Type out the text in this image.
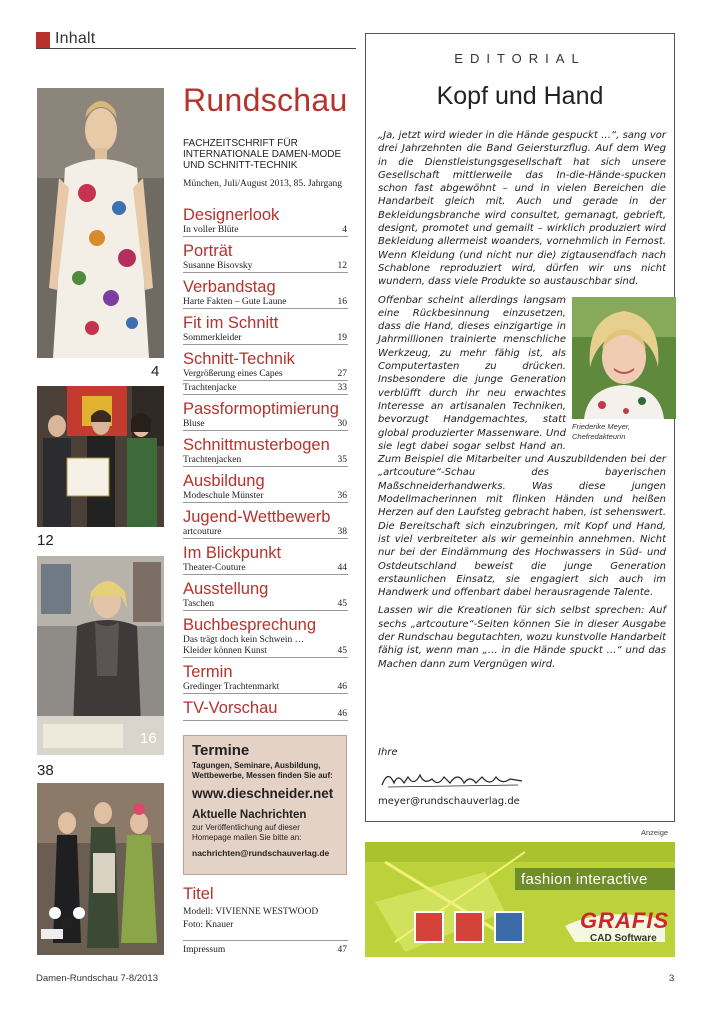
Inhalt
4
12
16
38
Rundschau
FACHZEITSCHRIFT FÜR INTERNATIONALE DAMEN-MODE UND SCHNITT-TECHNIK
München, Juli/August 2013, 85. Jahrgang
Designerlook
In voller Blüte	4
Porträt
Susanne Bisovsky	12
Verbandstag
Harte Fakten – Gute Laune	16
Fit im Schnitt
Sommerkleider	19
Schnitt-Technik
Vergrößerung eines Capes	27
Trachtenjacke	33
Passformoptimierung
Bluse	30
Schnittmusterbogen
Trachtenjacken	35
Ausbildung
Modeschule Münster	36
Jugend-Wettbewerb
artcouture	38
Im Blickpunkt
Theater-Couture	44
Ausstellung
Taschen	45
Buchbesprechung
Das trägt doch kein Schwein … Kleider können Kunst	45
Termin
Gredinger Trachtenmarkt	46
TV-Vorschau	46
Termine
Tagungen, Seminare, Ausbildung, Wettbewerbe, Messen finden Sie auf:
www.dieschneider.net
Aktuelle Nachrichten
zur Veröffentlichung auf dieser Homepage mailen Sie bitte an:
nachrichten@rundschauverlag.de
Titel
Modell: VIVIENNE WESTWOOD
Foto: Knauer
Impressum	47
EDITORIAL
Kopf und Hand
Friederike Meyer,
Chefredakteurin

„Ja, jetzt wird wieder in die Hände gespuckt …“, sang vor drei Jahrzehnten die Band Geiersturzflug. Auf dem Weg in die Dienstleistungsgesellschaft hat sich unsere Gesellschaft mittlerweile das In-die-Hände-spucken schon fast abgewöhnt – und in vielen Bereichen die Handarbeit gleich mit. Auch und gerade in der Bekleidungsbranche wird consultet, gemanagt, gebrieft, designt, promotet und gemailt – wirklich produziert wird Bekleidung allermeist woanders, vornehmlich in Fernost. Wenn Kleidung (und nicht nur die) zigtausendfach nach Schablone reproduziert wird, dürfen wir uns nicht wundern, dass viele Produkte so austauschbar sind.

Offenbar scheint allerdings langsam eine Rückbesinnung einzusetzen, dass die Hand, dieses einzigartige in Jahrmillionen trainierte menschliche Werkzeug, zu mehr fähig ist, als Computertasten zu drücken. Insbesondere die junge Generation verblüfft durch ihr neu erwachtes Interesse an artisanalen Techniken, bevorzugt Handgemachtes, statt global produzierter Massenware. Und sie legt dabei sogar selbst Hand an. Zum Beispiel die Mitarbeiter und Auszubildenden bei der „artcouture“-Schau des bayerischen Maßschneiderhandwerks. Was diese jungen Modellmacherinnen mit flinken Händen und heißen Herzen auf den Laufsteg gebracht haben, ist sehenswert. Die Bereitschaft sich einzubringen, mit Kopf und Hand, ist viel verbreiteter als wir gemeinhin annehmen. Nicht nur bei der Eindämmung des Hochwassers in Süd- und Ostdeutschland beweist die junge Generation erstaunlichen Einsatz, sie engagiert sich auch im Handwerk und offenbart dabei herausragende Talente.

Lassen wir die Kreationen für sich selbst sprechen: Auf sechs „artcouture“-Seiten können Sie in dieser Ausgabe der Rundschau begutachten, wozu kunstvolle Handarbeit fähig ist, wenn man „… in die Hände spuckt …“ und das Machen dann zum Vergnügen wird.

Ihre
meyer@rundschauverlag.de
Anzeige
fashion interactive
GRAFIS
CAD Software
Damen-Rundschau 7-8/2013	3
